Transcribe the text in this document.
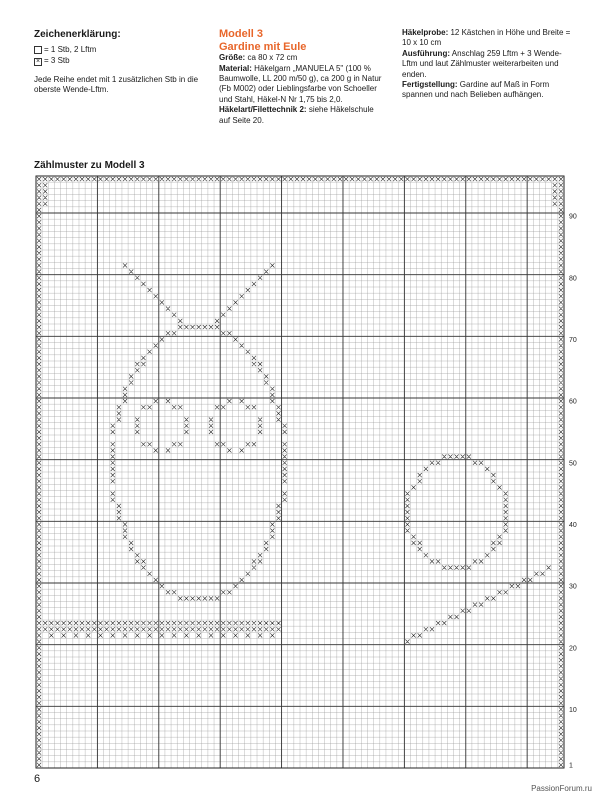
Zeichenerklärung:
= 1 Stb, 2 Lftm
× = 3 Stb
Jede Reihe endet mit 1 zusätzlichen Stb in die oberste Wende-Lftm.
Modell 3
Gardine mit Eule

Größe: ca 80 x 72 cm

Material: Häkelgarn „MANUELA 5" (100 % Baumwolle, LL 200 m/50 g), ca 200 g in Natur (Fb M002) oder Lieblingsfarbe von Schoeller und Stahl, Häkel-N Nr 1,75 bis 2,0.

Häkelart/Filettechnik 2: siehe Häkelschule auf Seite 20.

Häkelprobe: 12 Kästchen in Höhe und Breite = 10 x 10 cm

Ausführung: Anschlag 259 Lftm + 3 Wende-Lftm und laut Zählmuster weiterarbeiten und enden.

Fertigstellung: Gardine auf Maß in Form spannen und nach Belieben aufhängen.

Zählmuster zu Modell 3
1
10
20
30
40
50
60
70
80
90
6
PassionForum.ru
